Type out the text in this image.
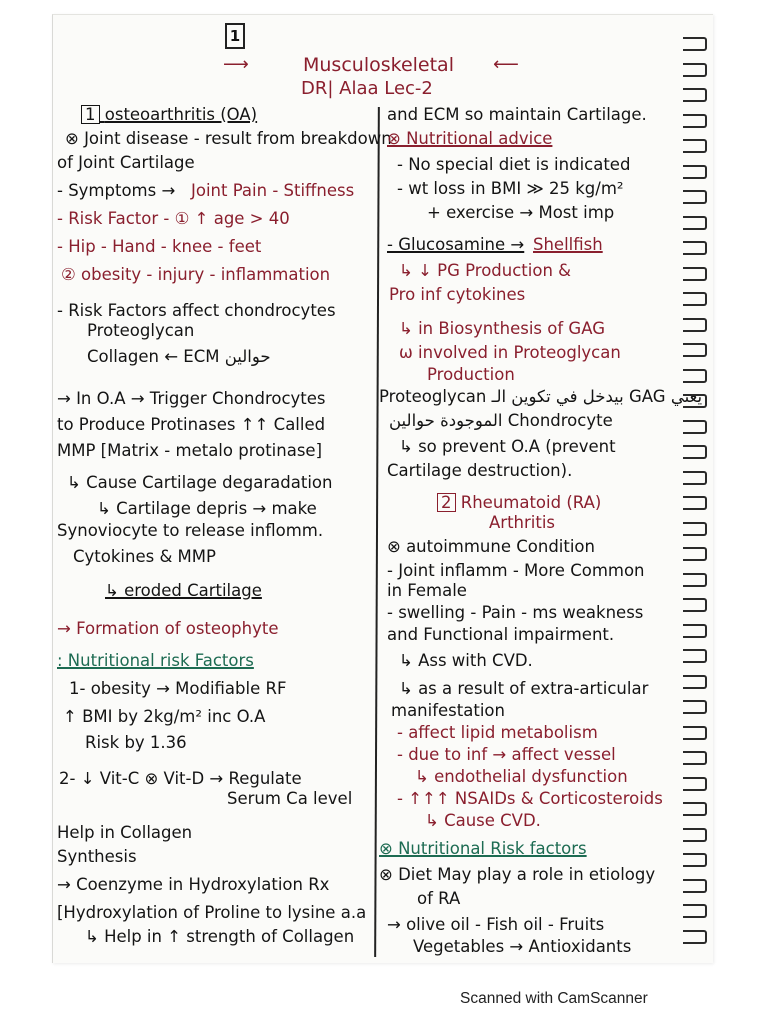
1
⟶	Musculoskeletal ⟵
DR| Alaa Lec-2
1 osteoarthritis (OA)
⊗ Joint disease - result from breakdown
of Joint Cartilage
- Symptoms → Joint Pain - Stiffness
- Risk Factor - ① ↑ age > 40
- Hip - Hand - knee - feet
② obesity - injury - inflammation
- Risk Factors affect chondrocytes
Proteoglycan
Collagen ← ECM حوالين
→ In O.A → Trigger Chondrocytes
to Produce Protinases ↑↑ Called
MMP [Matrix - metalo protinase]
↳ Cause Cartilage degaradation
↳ Cartilage depris → make
Synoviocyte to release inflomm.
Cytokines & MMP
↳ eroded Cartilage
→ Formation of osteophyte
: Nutritional risk Factors
1- obesity → Modifiable RF
↑ BMI by 2kg/m² inc O.A
Risk by 1.36
2- ↓ Vit-C ⊗ Vit-D → Regulate
Serum Ca level
Help in Collagen
Synthesis
→ Coenzyme in Hydroxylation Rx
[Hydroxylation of Proline to lysine a.a
↳ Help in ↑ strength of Collagen
and ECM so maintain Cartilage.
⊗ Nutritional advice
- No special diet is indicated
- wt loss in BMI ≫ 25 kg/m²
+ exercise → Most imp
- Glucosamine → Shellfish
↳ ↓ PG Production &
Pro inf cytokines
↳ in Biosynthesis of GAG
ω involved in Proteoglycan
Production
Proteoglycan بيدخل في تكوين الـ GAG يعني
الموجودة حوالين Chondrocyte
↳ so prevent O.A (prevent
Cartilage destruction).
2 Rheumatoid (RA)
Arthritis
⊗ autoimmune Condition
- Joint inflamm - More Common
in Female
- swelling - Pain - ms weakness
and Functional impairment.
↳ Ass with CVD.
↳ as a result of extra-articular
manifestation
- affect lipid metabolism
- due to inf → affect vessel
↳ endothelial dysfunction
- ↑↑↑ NSAIDs & Corticosteroids
↳ Cause CVD.
⊗ Nutritional Risk factors
⊗ Diet May play a role in etiology
of RA
→ olive oil - Fish oil - Fruits
Vegetables → Antioxidants
Scanned with CamScanner
